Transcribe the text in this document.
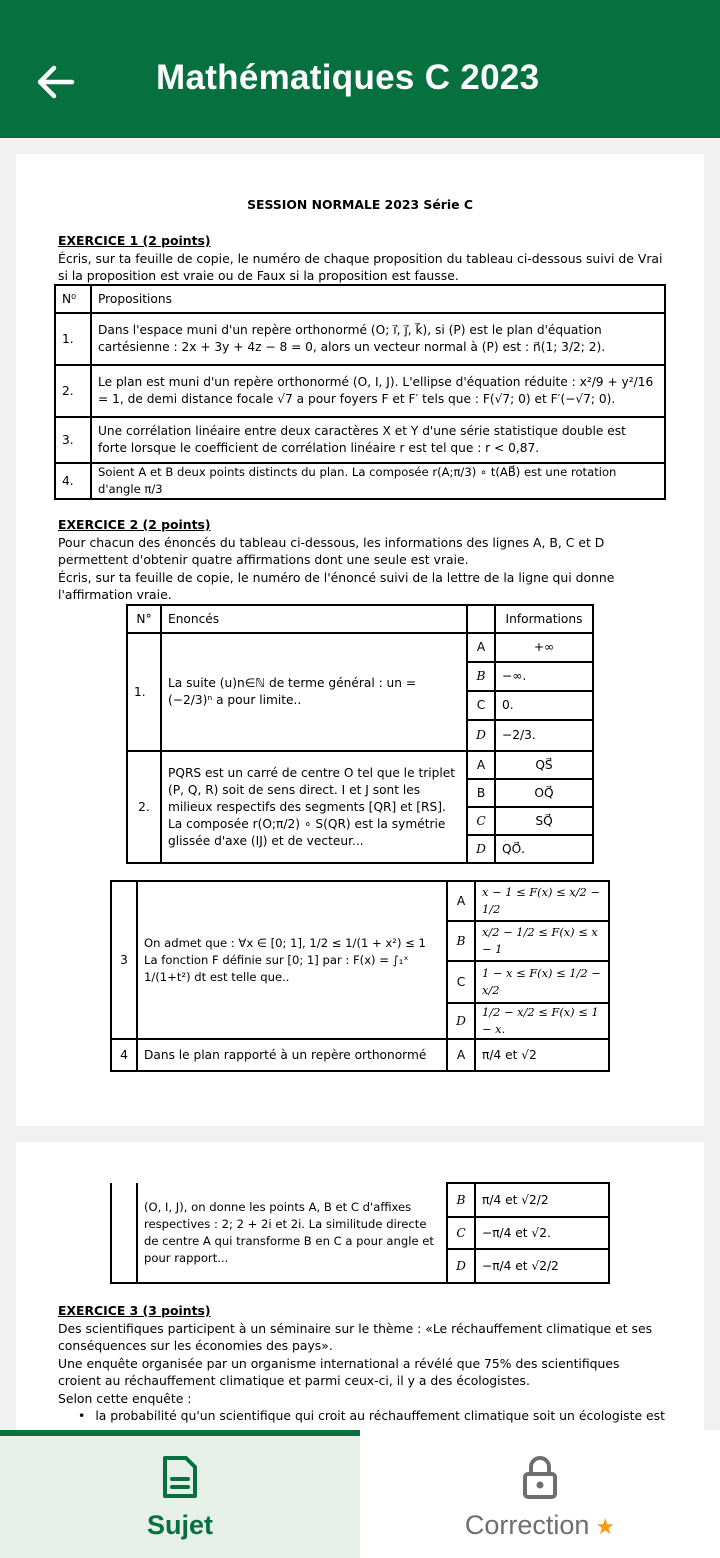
Mathématiques C 2023
SESSION NORMALE 2023 Série C
EXERCICE 1 (2 points)
Écris, sur ta feuille de copie, le numéro de chaque proposition du tableau ci-dessous suivi de Vrai si la proposition est vraie ou de Faux si la proposition est fausse.
N⁰	Propositions
1.	Dans l'espace muni d'un repère orthonormé (O; i⃗, j⃗, k⃗), si (P) est le plan d'équation cartésienne : 2x + 3y + 4z − 8 = 0, alors un vecteur normal à (P) est : n⃗(1; 3/2; 2).
2.	Le plan est muni d'un repère orthonormé (O, I, J). L'ellipse d'équation réduite : x²/9 + y²/16 = 1, de demi distance focale √7 a pour foyers F et F′ tels que : F(√7; 0) et F′(−√7; 0).
3.	Une corrélation linéaire entre deux caractères X et Y d'une série statistique double est forte lorsque le coefficient de corrélation linéaire r est tel que : r < 0,87.
4.	Soient A et B deux points distincts du plan. La composée r(A;π/3) ∘ t(AB⃗) est une rotation d'angle π/3
EXERCICE 2 (2 points)
Pour chacun des énoncés du tableau ci-dessous, les informations des lignes A, B, C et D permettent d'obtenir quatre affirmations dont une seule est vraie.
Écris, sur ta feuille de copie, le numéro de l'énoncé suivi de la lettre de la ligne qui donne l'affirmation vraie.
N°	Enoncés		Informations
1.	La suite (u)n∈ℕ de terme général : un = (−2/3)ⁿ a pour limite..	A	+∞
		B	−∞.
		C	0.
		D	−2/3.
2.	PQRS est un carré de centre O tel que le triplet (P, Q, R) soit de sens direct. I et J sont les milieux respectifs des segments [QR] et [RS]. La composée r(O;π/2) ∘ S(QR) est la symétrie glissée d'axe (IJ) et de vecteur...	A	QS⃗
		B	OQ⃗
		C	SQ⃗
		D	QO⃗.
3	On admet que : ∀x ∈ [0; 1], 1/2 ≤ 1/(1 + x²) ≤ 1 La fonction F définie sur [0; 1] par : F(x) = ∫₁ˣ 1/(1+t²) dt est telle que..	A	x − 1 ≤ F(x) ≤ x/2 − 1/2
		B	x/2 − 1/2 ≤ F(x) ≤ x − 1
		C	1 − x ≤ F(x) ≤ 1/2 − x/2
		D	1/2 − x/2 ≤ F(x) ≤ 1 − x.
4	Dans le plan rapporté à un repère orthonormé	A	π/4 et √2
	(O, I, J), on donne les points A, B et C d'affixes respectives : 2; 2 + 2i et 2i. La similitude directe de centre A qui transforme B en C a pour angle et pour rapport...	B	π/4 et √2/2
		C	−π/4 et √2.
		D	−π/4 et √2/2
EXERCICE 3 (3 points)
Des scientifiques participent à un séminaire sur le thème : «Le réchauffement climatique et ses conséquences sur les économies des pays».
Une enquête organisée par un organisme international a révélé que 75% des scientifiques croient au réchauffement climatique et parmi ceux-ci, il y a des écologistes.
Selon cette enquête :
• la probabilité qu'un scientifique qui croit au réchauffement climatique soit un écologiste est
Sujet	Correction ★
